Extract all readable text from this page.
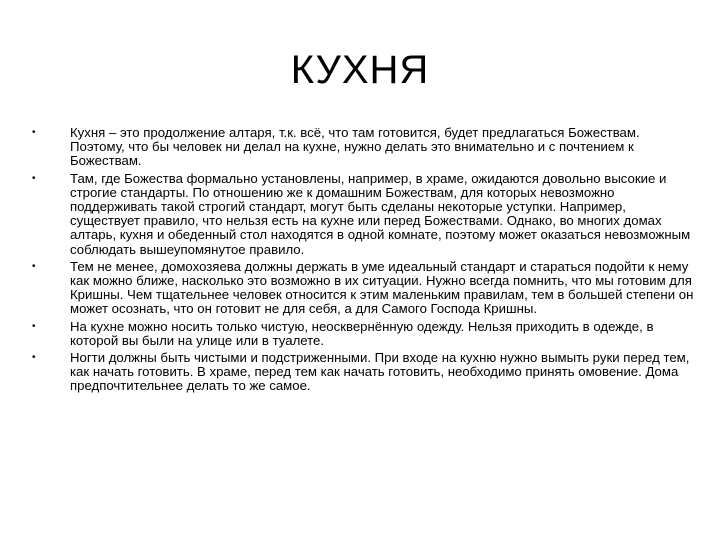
КУХНЯ
•	Кухня – это продолжение алтаря, т.к. всё, что там готовится, будет предлагаться Божествам. Поэтому, что бы человек ни делал на кухне, нужно делать это внимательно и с почтением к Божествам.
•	Там, где Божества формально установлены, например, в храме, ожидаются довольно высокие и строгие стандарты. По отношению же к домашним Божествам, для которых невозможно поддерживать такой строгий стандарт, могут быть сделаны некоторые уступки. Например, существует правило, что нельзя есть на кухне или перед Божествами. Однако, во многих домах алтарь, кухня и обеденный стол находятся в одной комнате, поэтому может оказаться невозможным соблюдать вышеупомянутое правило.
•	Тем не менее, домохозяева должны держать в уме идеальный стандарт и стараться подойти к нему как можно ближе, насколько это возможно в их ситуации. Нужно всегда помнить, что мы готовим для Кришны. Чем тщательнее человек относится к этим маленьким правилам, тем в большей степени он может осознать, что он готовит не для себя, а для Самого Господа Кришны.
•	На кухне можно носить только чистую, неосквернённую одежду. Нельзя приходить в одежде, в которой вы были на улице или в туалете.
•	Ногти должны быть чистыми и подстриженными. При входе на кухню нужно вымыть руки перед тем, как начать готовить. В храме, перед тем как начать готовить, необходимо принять омовение. Дома предпочтительнее делать то же самое.
